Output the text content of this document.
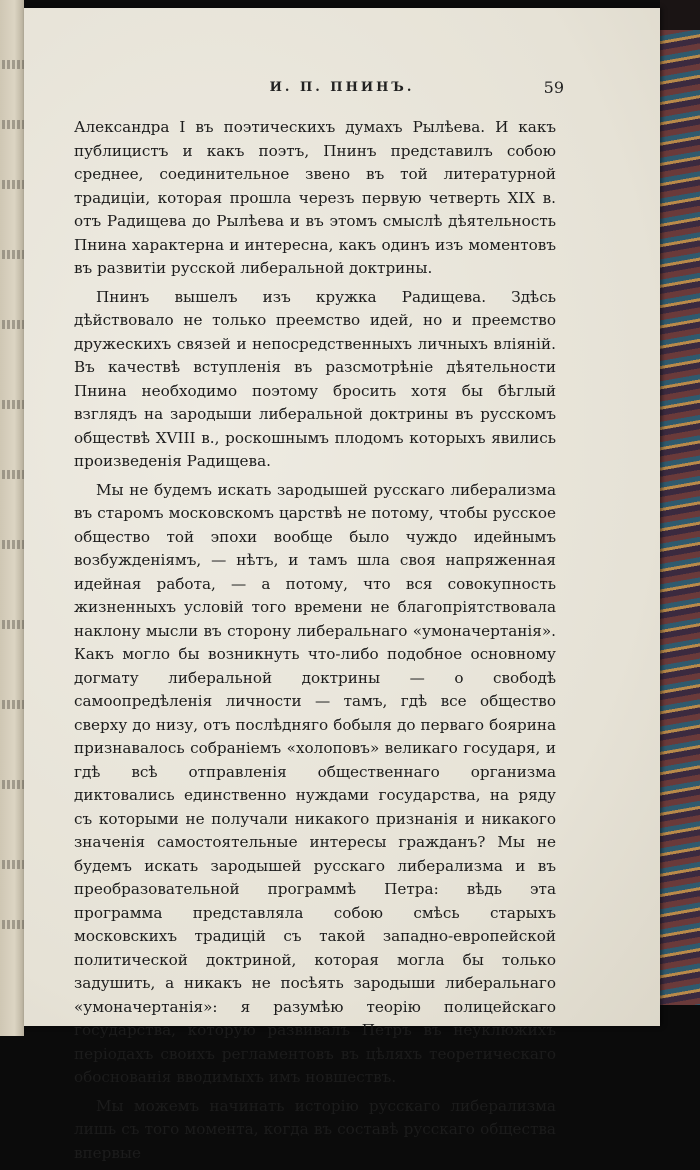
И. П. ПНИНЪ.	59

Александра I въ поэтическихъ думахъ Рылѣева. И какъ публицистъ и какъ поэтъ, Пнинъ представилъ собою среднее, соединительное звено въ той литературной традиціи, которая прошла черезъ первую четверть XIX в. отъ Радищева до Рылѣева и въ этомъ смыслѣ дѣятельность Пнина характерна и интересна, какъ одинъ изъ моментовъ въ развитіи русской либеральной доктрины.

Пнинъ вышелъ изъ кружка Радищева. Здѣсь дѣйствовало не только преемство идей, но и преемство дружескихъ связей и непосредственныхъ личныхъ вліяній. Въ качествѣ вступленія въ разсмотрѣніе дѣятельности Пнина необходимо поэтому бросить хотя бы бѣглый взглядъ на зародыши либеральной доктрины въ русскомъ обществѣ XVIII в., роскошнымъ плодомъ которыхъ явились произведенія Радищева.

Мы не будемъ искать зародышей русскаго либерализма въ старомъ московскомъ царствѣ не потому, чтобы русское общество той эпохи вообще было чуждо идейнымъ возбужденіямъ, — нѣтъ, и тамъ шла своя напряженная идейная работа, — а потому, что вся совокупность жизненныхъ условій того времени не благопріятствовала наклону мысли въ сторону либеральнаго «умоначертанія». Какъ могло бы возникнуть что-либо подобное основному догмату либеральной доктрины — о свободѣ самоопредѣленія личности — тамъ, гдѣ все общество сверху до низу, отъ послѣдняго бобыля до перваго боярина признавалось собраніемъ «холоповъ» великаго государя, и гдѣ всѣ отправленія общественнаго организма диктовались единственно нуждами государства, на ряду съ которыми не получали никакого признанія и никакого значенія самостоятельные интересы гражданъ? Мы не будемъ искать зародышей русскаго либерализма и въ преобразовательной программѣ Петра: вѣдь эта программа представляла собою смѣсь старыхъ московскихъ традицій съ такой западно-европейской политической доктриной, которая могла бы только задушить, а никакъ не посѣять зародыши либеральнаго «умоначертанія»: я разумѣю теорію полицейскаго государства, которую развивалъ Петръ въ неуклюжихъ періодахъ своихъ регламентовъ въ цѣляхъ теоретическаго обоснованія вводимыхъ имъ новшествъ.

Мы можемъ начинать исторію русскаго либерализма лишь съ того момента, когда въ составѣ русскаго общества впервые
